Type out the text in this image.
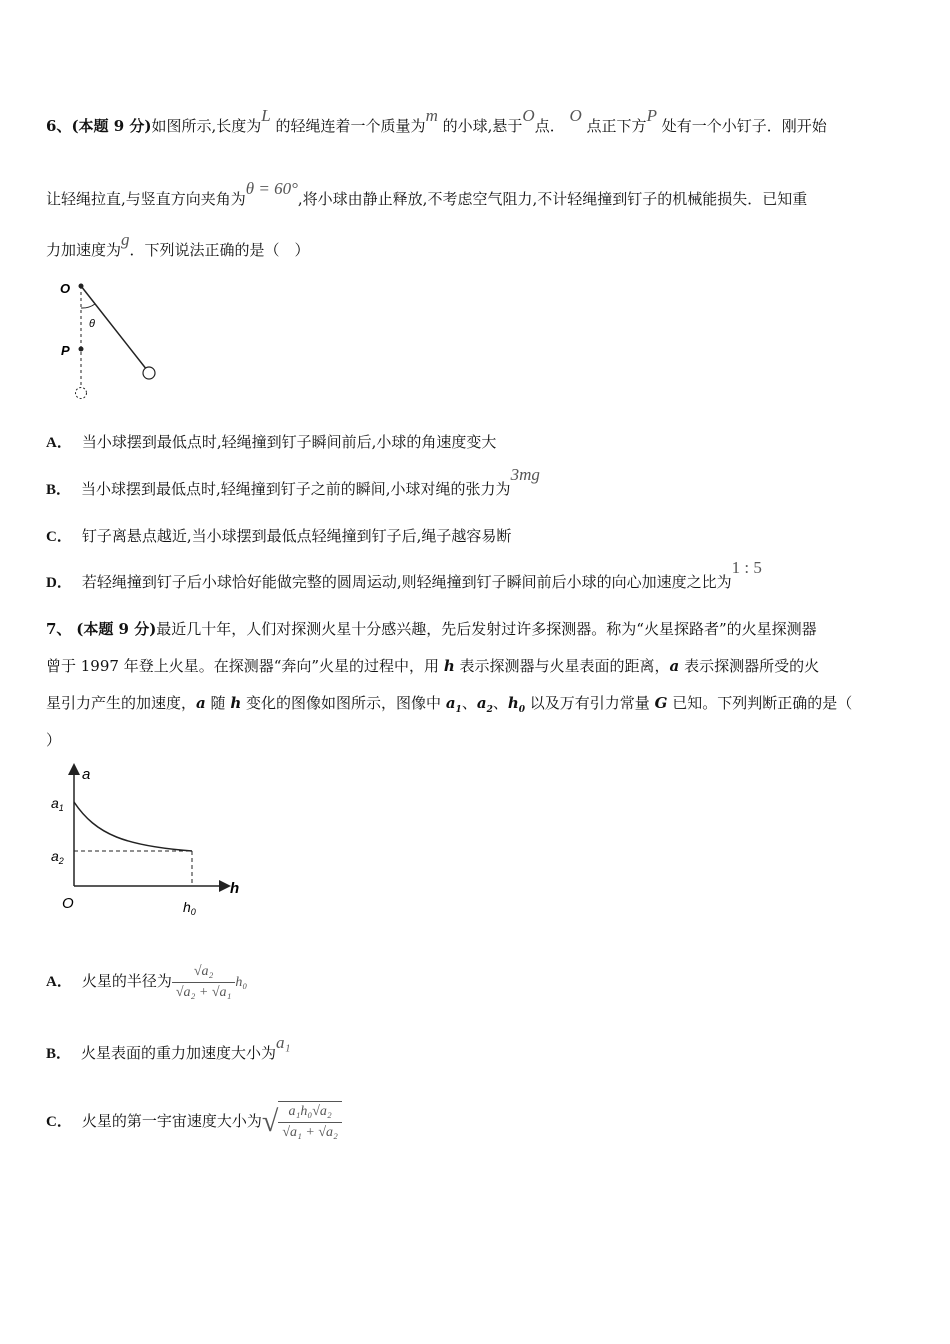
6、(本题 9 分)如图所示,长度为L 的轻绳连着一个质量为m 的小球,悬于O点． O 点正下方P 处有一个小钉子．刚开始
让轻绳拉直,与竖直方向夹角为θ = 60°,将小球由静止释放,不考虑空气阻力,不计轻绳撞到钉子的机械能损失．已知重
力加速度为g．下列说法正确的是（　）
O
θ
P
A． 当小球摆到最低点时,轻绳撞到钉子瞬间前后,小球的角速度变大
B． 当小球摆到最低点时,轻绳撞到钉子之前的瞬间,小球对绳的张力为3mg
C． 钉子离悬点越近,当小球摆到最低点轻绳撞到钉子后,绳子越容易断
D． 若轻绳撞到钉子后小球恰好能做完整的圆周运动,则轻绳撞到钉子瞬间前后小球的向心加速度之比为1 : 5
7、 (本题 9 分)最近几十年，人们对探测火星十分感兴趣，先后发射过许多探测器。称为“火星探路者”的火星探测器
曾于 1997 年登上火星。在探测器“奔向”火星的过程中，用 h 表示探测器与火星表面的距离，a 表示探测器所受的火
星引力产生的加速度，a 随 h 变化的图像如图所示，图像中 $a_1$、$a_2$、$h_0$ 以及万有引力常量 G 已知。下列判断正确的是（
）
a
h
O
$a_1$
$a_2$
$h_0$
A． 火星的半径为 $\frac{\text{√a₂}}{\text{√a₂ + √a₁}} h_0$
B． 火星表面的重力加速度大小为a₁
C． 火星的第一宇宙速度大小为√ $\frac{\text{a₁h₀√a₂}}{\text{√a₁ + √a₂}}$
